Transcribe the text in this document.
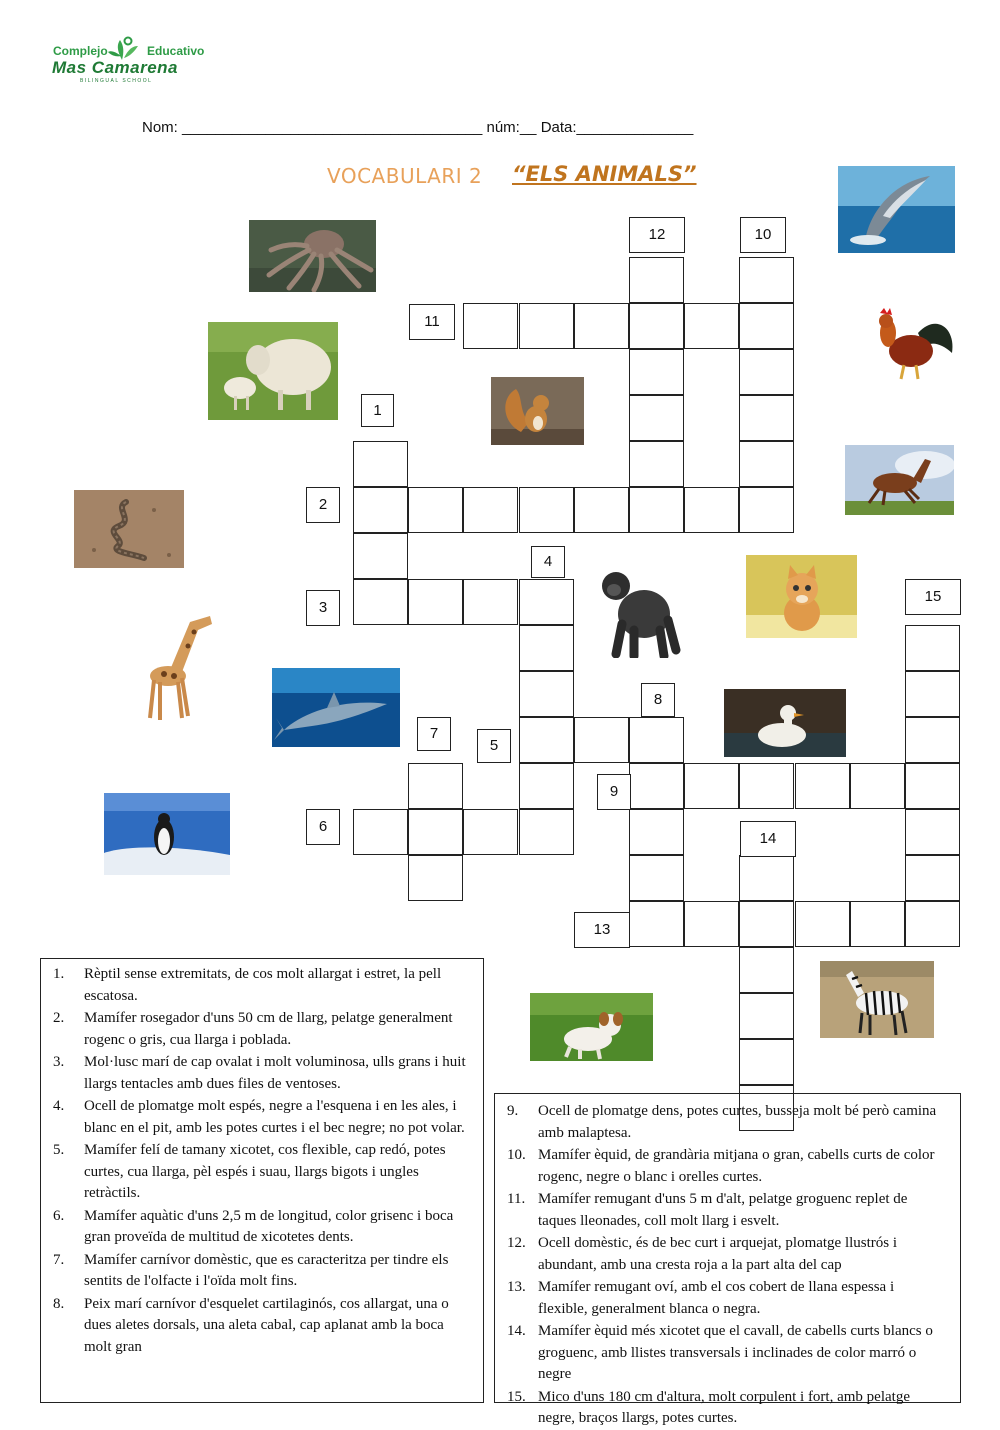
Complejo	Educativo
Mas Camarena
BILINGUAL SCHOOL
Nom: ____________________________________ núm:__ Data:______________
VOCABULARI 2 “ELS ANIMALS”
1
2
3
4
5
6
7
8
9
10
11
12
13
14
15
1. Rèptil sense extremitats, de cos molt allargat i estret, la pell escatosa.
2. Mamífer rosegador d'uns 50 cm de llarg, pelatge generalment rogenc o gris, cua llarga i poblada.
3. Mol·lusc marí de cap ovalat i molt voluminosa, ulls grans i huit llargs tentacles amb dues files de ventoses.
4. Ocell de plomatge molt espés, negre a l'esquena i en les ales, i blanc en el pit, amb les potes curtes i el bec negre; no pot volar.
5. Mamífer felí de tamany xicotet, cos flexible, cap redó, potes curtes, cua llarga, pèl espés i suau, llargs bigots i ungles retràctils.
6. Mamífer aquàtic d'uns 2,5 m de longitud, color grisenc i boca gran proveïda de multitud de xicotetes dents.
7. Mamífer carnívor domèstic, que es caracteritza per tindre els sentits de l'olfacte i l'oïda molt fins.
8. Peix marí carnívor d'esquelet cartilaginós, cos allargat, una o dues aletes dorsals, una aleta cabal, cap aplanat amb la boca molt gran
9. Ocell de plomatge dens, potes curtes, busseja molt bé però camina amb malaptesa.
10. Mamífer èquid, de grandària mitjana o gran, cabells curts de color rogenc, negre o blanc i orelles curtes.
11. Mamífer remugant d'uns 5 m d'alt, pelatge groguenc replet de taques lleonades, coll molt llarg i esvelt.
12. Ocell domèstic, és de bec curt i arquejat, plomatge llustrós i abundant, amb una cresta roja a la part alta del cap
13. Mamífer remugant oví, amb el cos cobert de llana espessa i flexible, generalment blanca o negra.
14. Mamífer èquid més xicotet que el cavall, de cabells curts blancs o groguenc, amb llistes transversals i inclinades de color marró o negre
15. Mico d'uns 180 cm d'altura, molt corpulent i fort, amb pelatge negre, braços llargs, potes curtes.
